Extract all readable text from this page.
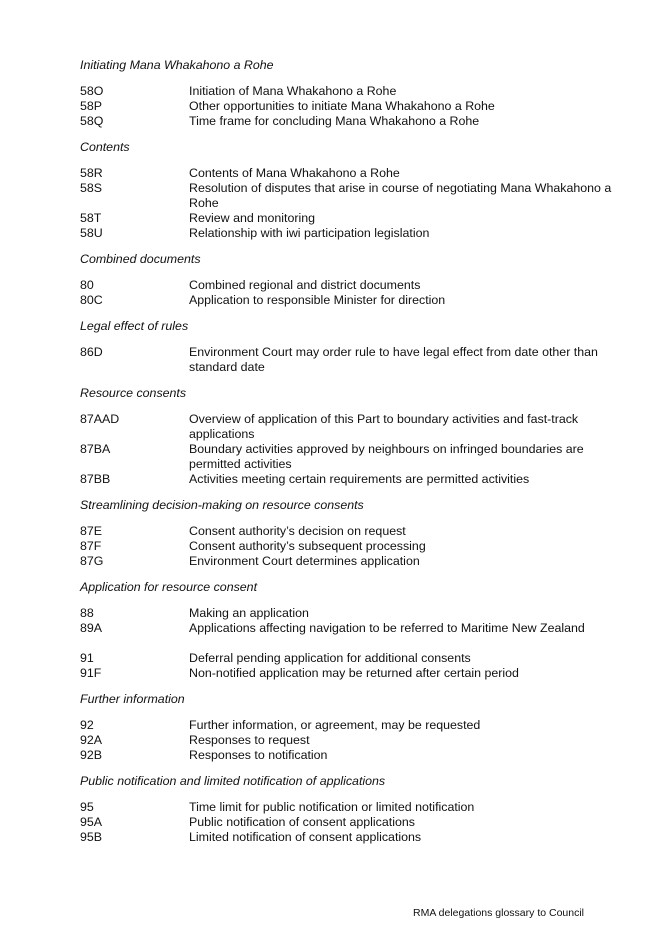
Initiating Mana Whakahono a Rohe
58O	Initiation of Mana Whakahono a Rohe
58P	Other opportunities to initiate Mana Whakahono a Rohe
58Q	Time frame for concluding Mana Whakahono a Rohe
Contents
58R	Contents of Mana Whakahono a Rohe
58S	Resolution of disputes that arise in course of negotiating Mana Whakahono a Rohe
58T	Review and monitoring
58U	Relationship with iwi participation legislation
Combined documents
80	Combined regional and district documents
80C	Application to responsible Minister for direction
Legal effect of rules
86D	Environment Court may order rule to have legal effect from date other than standard date
Resource consents
87AAD	Overview of application of this Part to boundary activities and fast-track applications
87BA	Boundary activities approved by neighbours on infringed boundaries are permitted activities
87BB	Activities meeting certain requirements are permitted activities
Streamlining decision-making on resource consents
87E	Consent authority’s decision on request
87F	Consent authority’s subsequent processing
87G	Environment Court determines application
Application for resource consent
88	Making an application
89A	Applications affecting navigation to be referred to Maritime New Zealand
91	Deferral pending application for additional consents
91F	Non-notified application may be returned after certain period
Further information
92	Further information, or agreement, may be requested
92A	Responses to request
92B	Responses to notification
Public notification and limited notification of applications
95	Time limit for public notification or limited notification
95A	Public notification of consent applications
95B	Limited notification of consent applications
RMA delegations glossary to Council
